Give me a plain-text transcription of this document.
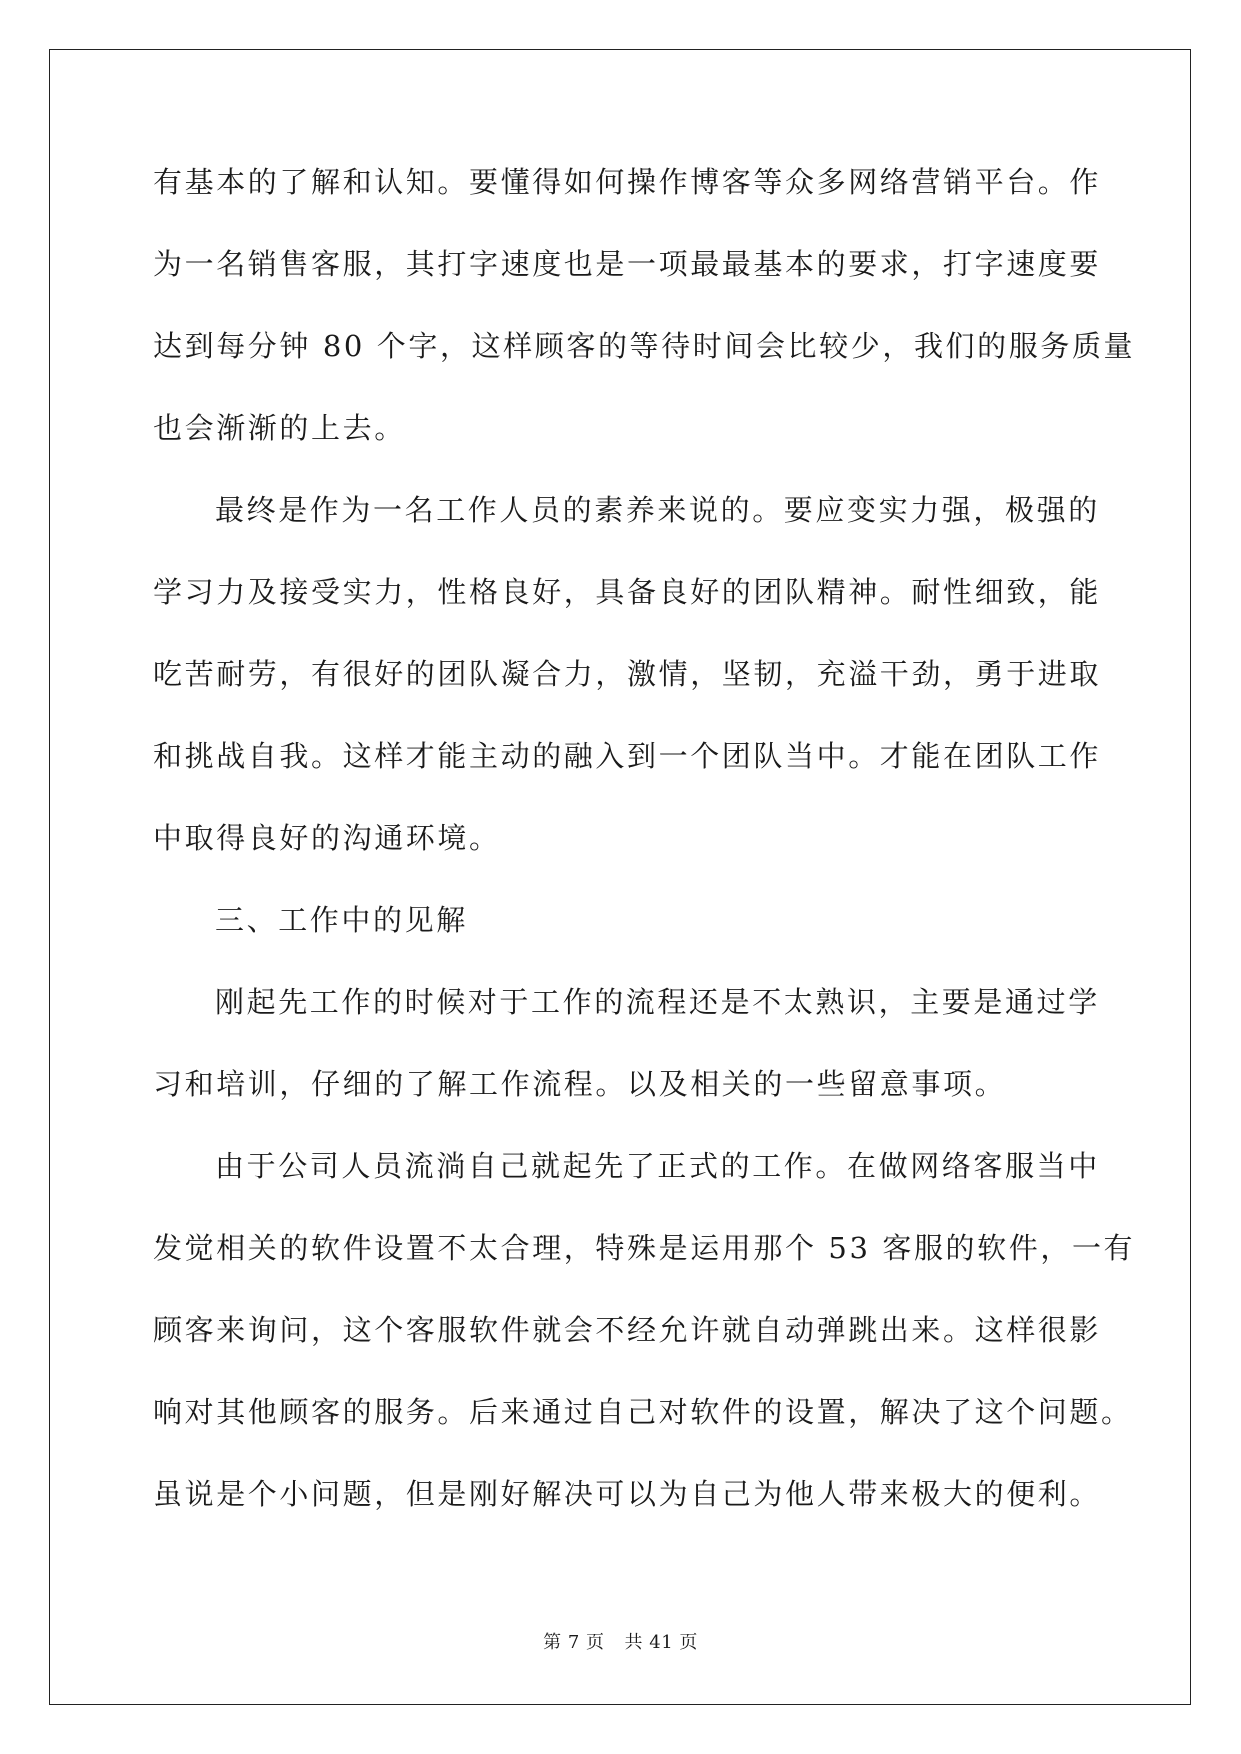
有基本的了解和认知。要懂得如何操作博客等众多网络营销平台。作
为一名销售客服，其打字速度也是一项最最基本的要求，打字速度要
达到每分钟 80 个字，这样顾客的等待时间会比较少，我们的服务质量
也会渐渐的上去。
最终是作为一名工作人员的素养来说的。要应变实力强，极强的
学习力及接受实力，性格良好，具备良好的团队精神。耐性细致，能
吃苦耐劳，有很好的团队凝合力，激情，坚韧，充溢干劲，勇于进取
和挑战自我。这样才能主动的融入到一个团队当中。才能在团队工作
中取得良好的沟通环境。
三、工作中的见解
刚起先工作的时候对于工作的流程还是不太熟识，主要是通过学
习和培训，仔细的了解工作流程。以及相关的一些留意事项。
由于公司人员流淌自己就起先了正式的工作。在做网络客服当中
发觉相关的软件设置不太合理，特殊是运用那个 53 客服的软件，一有
顾客来询问，这个客服软件就会不经允许就自动弹跳出来。这样很影
响对其他顾客的服务。后来通过自己对软件的设置，解决了这个问题。
虽说是个小问题，但是刚好解决可以为自己为他人带来极大的便利。
第 7 页 共 41 页
